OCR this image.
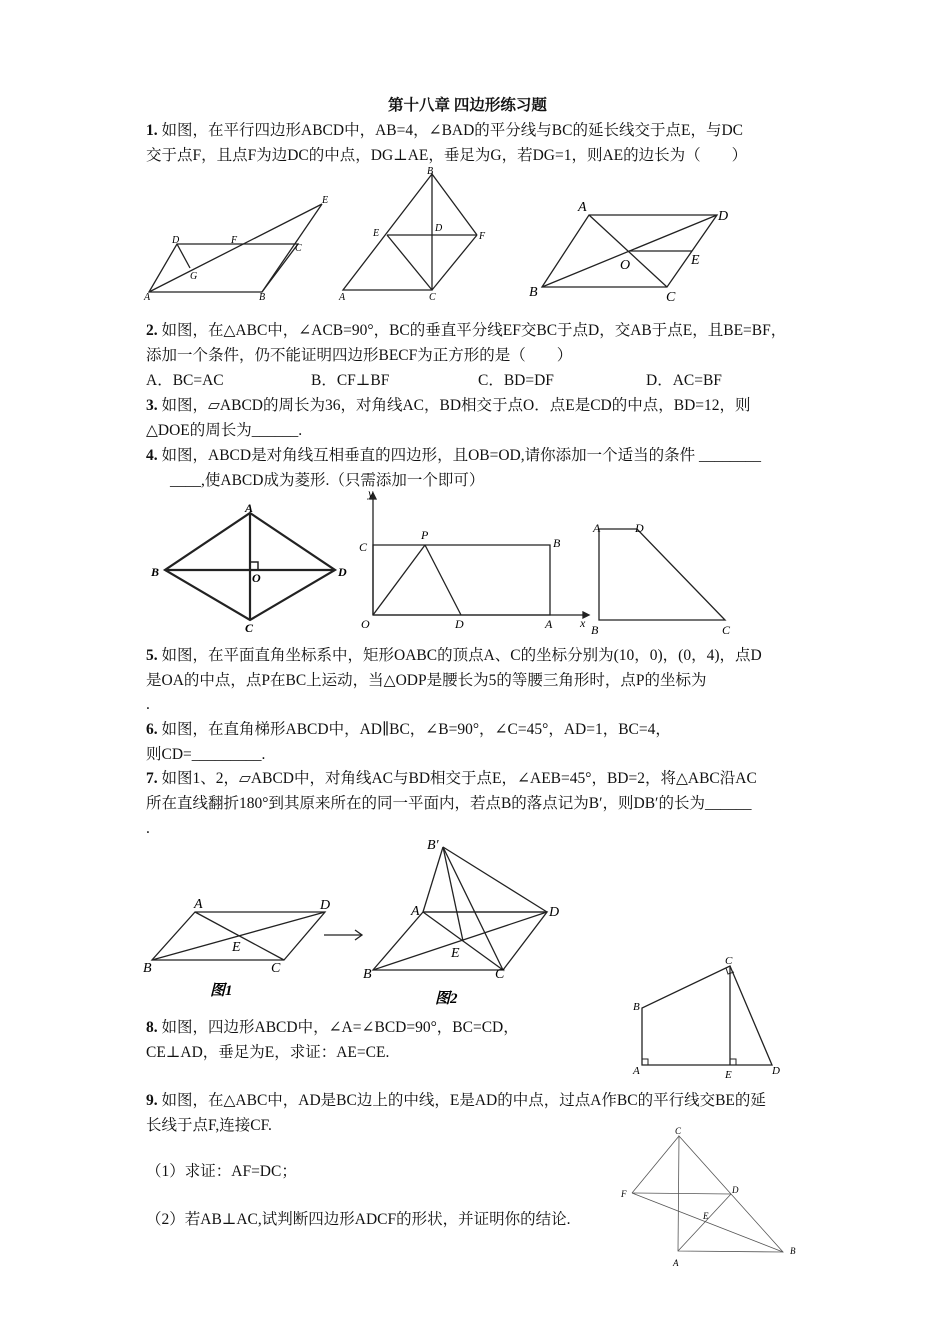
第十八章 四边形练习题
1. 如图，在平行四边形ABCD中，AB=4，∠BAD的平分线与BC的延长线交于点E，与DC
交于点F，且点F为边DC的中点，DG⊥AE，垂足为G，若DG=1，则AE的边长为（　　）
A	B
C
D
E
F
G
A
B
C
D
E	F
A
B	C
D
E
O
2. 如图，在△ABC中，∠ACB=90°，BC的垂直平分线EF交BC于点D，交AB于点E，且BE=BF，
添加一个条件，仍不能证明四边形BECF为正方形的是（　　）
A．BC=AC	B．CF⊥BF	C．BD=DF	D．AC=BF
3. 如图，▱ABCD的周长为36，对角线AC，BD相交于点O．点E是CD的中点，BD=12，则
△DOE的周长为______.
4. 如图，ABCD是对角线互相垂直的四边形，且OB=OD,请你添加一个适当的条件 ________
____,使ABCD成为菱形.（只需添加一个即可）
A
B
C
D
O
O	D	A
C	B
P
x
y
A	D
B	C
5. 如图，在平面直角坐标系中，矩形OABC的顶点A、C的坐标分别为(10，0)，(0，4)，点D
是OA的中点，点P在BC上运动，当△ODP是腰长为5的等腰三角形时，点P的坐标为
.
6. 如图，在直角梯形ABCD中，AD∥BC，∠B=90°，∠C=45°，AD=1，BC=4，
则CD=_________.
7. 如图1、2，▱ABCD中，对角线AC与BD相交于点E，∠AEB=45°，BD=2，将△ABC沿AC
所在直线翻折180°到其原来所在的同一平面内，若点B的落点记为B′，则DB′的长为______
.
A
B	C
D
E
图1
B′
A
B	C
D
E
图2	B
C
A	E	D
8. 如图，四边形ABCD中，∠A=∠BCD=90°，BC=CD，
CE⊥AD，垂足为E，求证：AE=CE.
9. 如图，在△ABC中，AD是BC边上的中线，E是AD的中点，过点A作BC的平行线交BE的延
长线于点F,连接CF.
（1）求证：AF=DC；
（2）若AB⊥AC,试判断四边形ADCF的形状，并证明你的结论.
C
F	D
E
B
A
